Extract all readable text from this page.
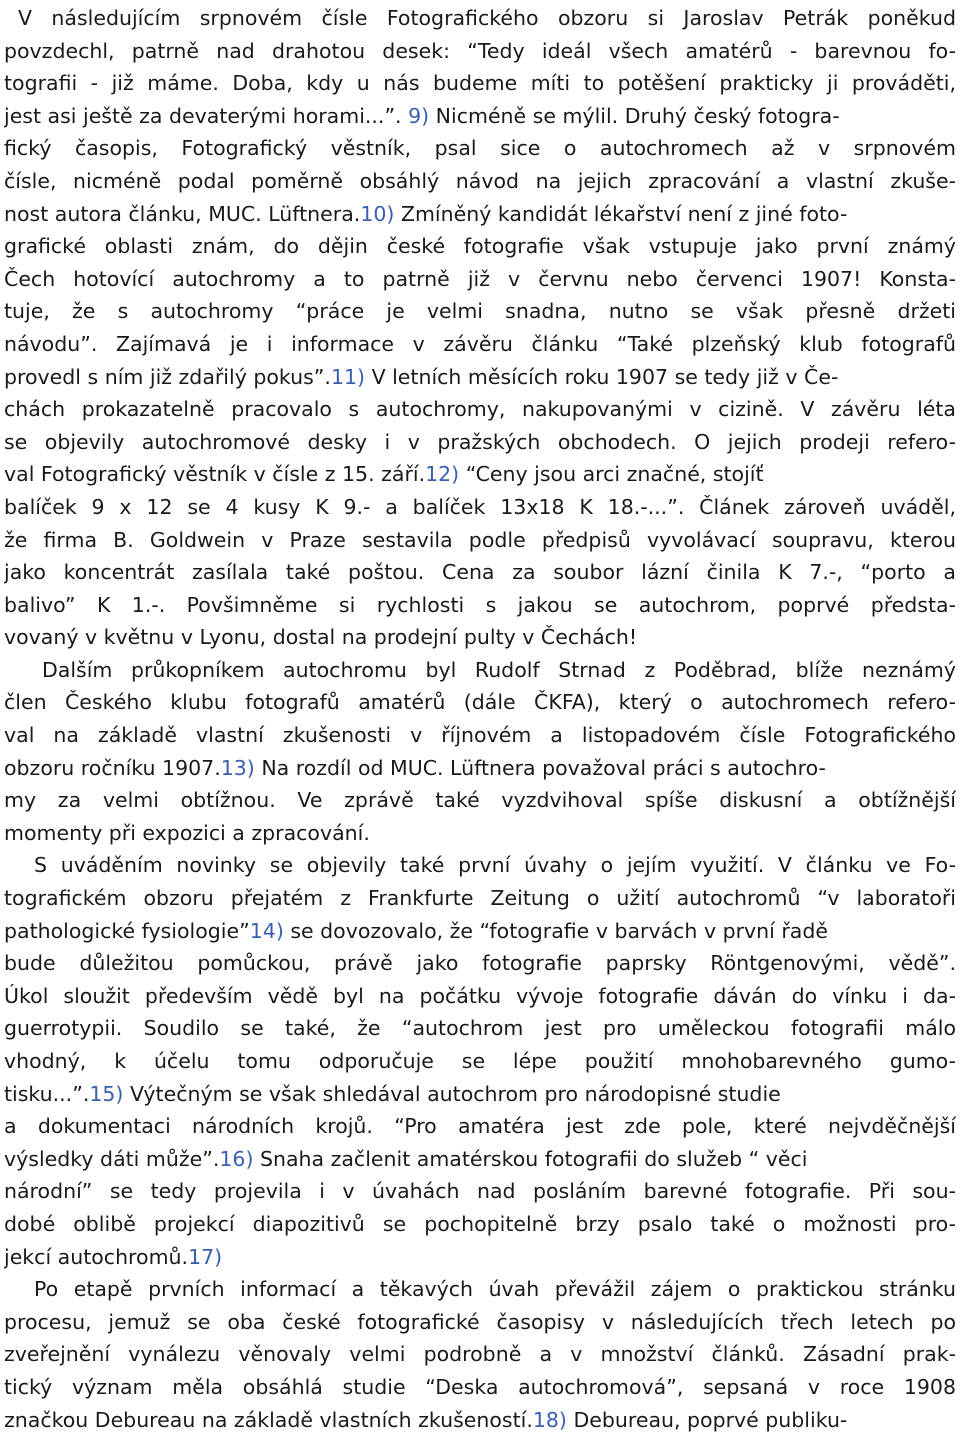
V následujícím srpnovém čísle Fotografického obzoru si Jaroslav Petrák poněkud
povzdechl, patrně nad drahotou desek: “Tedy ideál všech amatérů - barevnou fo-
tografii - již máme. Doba, kdy u nás budeme míti to potěšení prakticky ji prováděti,
jest asi ještě za devaterými horami...”. 9) Nicméně se mýlil. Druhý český fotogra-
fický časopis, Fotografický věstník, psal sice o autochromech až v srpnovém
čísle, nicméně podal poměrně obsáhlý návod na jejich zpracování a vlastní zkuše-
nost autora článku, MUC. Lüftnera.10) Zmíněný kandidát lékařství není z jiné foto-
grafické oblasti znám, do dějin české fotografie však vstupuje jako první známý
Čech hotovící autochromy a to patrně již v červnu nebo červenci 1907! Konsta-
tuje, že s autochromy “práce je velmi snadna, nutno se však přesně držeti
návodu”. Zajímavá je i informace v závěru článku “Také plzeňský klub fotografů
provedl s ním již zdařilý pokus”.11) V letních měsících roku 1907 se tedy již v Če-
chách prokazatelně pracovalo s autochromy, nakupovanými v cizině. V závěru léta
se objevily autochromové desky i v pražských obchodech. O jejich prodeji refero-
val Fotografický věstník v čísle z 15. září.12) “Ceny jsou arci značné, stojíť
balíček 9 x 12 se 4 kusy K 9.- a balíček 13x18 K 18.-...”. Článek zároveň uváděl,
že firma B. Goldwein v Praze sestavila podle předpisů vyvolávací soupravu, kterou
jako koncentrát zasílala také poštou. Cena za soubor lázní činila K 7.-, “porto a
balivo” K 1.-. Povšimněme si rychlosti s jakou se autochrom, poprvé předsta-
vovaný v květnu v Lyonu, dostal na prodejní pulty v Čechách!
Dalším průkopníkem autochromu byl Rudolf Strnad z Poděbrad, blíže neznámý
člen Českého klubu fotografů amatérů (dále ČKFA), který o autochromech refero-
val na základě vlastní zkušenosti v říjnovém a listopadovém čísle Fotografického
obzoru ročníku 1907.13) Na rozdíl od MUC. Lüftnera považoval práci s autochro-
my za velmi obtížnou. Ve zprávě také vyzdvihoval spíše diskusní a obtížnější
momenty při expozici a zpracování.
S uváděním novinky se objevily také první úvahy o jejím využití. V článku ve Fo-
tografickém obzoru přejatém z Frankfurte Zeitung o užití autochromů “v laboratoři
pathologické fysiologie”14) se dovozovalo, že “fotografie v barvách v první řadě
bude důležitou pomůckou, právě jako fotografie paprsky Röntgenovými, vědě”.
Úkol sloužit především vědě byl na počátku vývoje fotografie dáván do vínku i da-
guerrotypii. Soudilo se také, že “autochrom jest pro uměleckou fotografii málo
vhodný, k účelu tomu odporučuje se lépe použití mnohobarevného gumo-
tisku...”.15) Výtečným se však shledával autochrom pro národopisné studie
a dokumentaci národních krojů. “Pro amatéra jest zde pole, které nejvděčnější
výsledky dáti může”.16) Snaha začlenit amatérskou fotografii do služeb “ věci
národní” se tedy projevila i v úvahách nad posláním barevné fotografie. Při sou-
dobé oblibě projekcí diapozitivů se pochopitelně brzy psalo také o možnosti pro-
jekcí autochromů.17)
Po etapě prvních informací a těkavých úvah převážil zájem o praktickou stránku
procesu, jemuž se oba české fotografické časopisy v následujících třech letech po
zveřejnění vynálezu věnovaly velmi podrobně a v množství článků. Zásadní prak-
tický význam měla obsáhlá studie “Deska autochromová”, sepsaná v roce 1908
značkou Debureau na základě vlastních zkušeností.18) Debureau, poprvé publiku-
